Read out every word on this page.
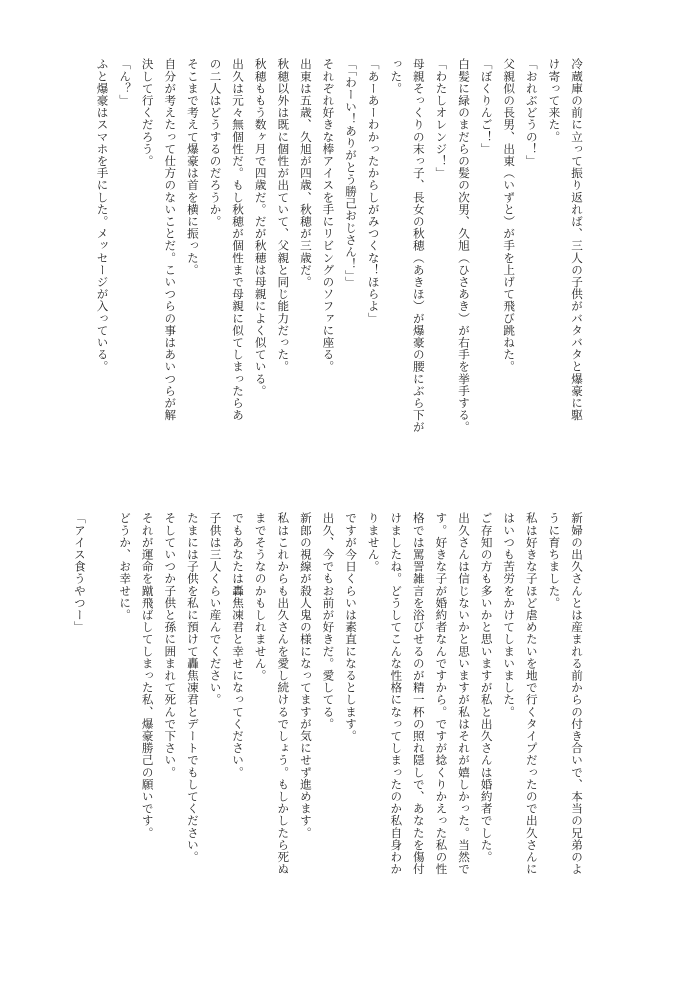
冷蔵庫の前に立って振り返れば、三人の子供がバタバタと爆豪に駆

け寄って来た。

「おれぶどうの！」

父親似の長男、出東（いずと）が手を上げて飛び跳ねた。

「ぼくりんご！」

白髪に緑のまだらの髪の次男、久旭（ひさあき）が右手を挙手する。

「わたしオレンジ！」

母親そっくりの末っ子、長女の秋穂（あきほ）が爆豪の腰にぶら下が

った。

「あーあーわかったからしがみつくな！ほらよ」

「「わーい！ありがとう勝己おじさん！」」

それぞれ好きな棒アイスを手にリビングのソファに座る。

出東は五歳、久旭が四歳、秋穂が三歳だ。

秋穂以外は既に個性が出ていて、父親と同じ能力だった。

秋穂ももう数ヶ月で四歳だ。だが秋穂は母親によく似ている。

出久は元々無個性だ。もし秋穂が個性まで母親に似てしまったらあ

の二人はどうするのだろうか。

そこまで考えて爆豪は首を横に振った。

自分が考えたって仕方のないことだ。こいつらの事はあいつらが解

決して行くだろう。

「ん？」

ふと爆豪はスマホを手にした。メッセージが入っている。

新婦の出久さんとは産まれる前からの付き合いで、本当の兄弟のよ

うに育ちました。

私は好きな子ほど虐めたいを地で行くタイプだったので出久さんに

はいつも苦労をかけてしまいました。

ご存知の方も多いかと思いますが私と出久さんは婚約者でした。

出久さんは信じないかと思いますが私はそれが嬉しかった。当然で

す。好きな子が婚約者なんですから。ですが捻くりかえった私の性

格では罵詈雑言を浴びせるのが精一杯の照れ隠しで、あなたを傷付

けましたね。どうしてこんな性格になってしまったのか私自身わか

りません。

ですが今日くらいは素直になるとします。

出久、今でもお前が好きだ。愛してる。

新郎の視線が殺人鬼の様になってますが気にせず進めます。

私はこれからも出久さんを愛し続けるでしょう。もしかしたら死ぬ

までそうなのかもしれません。

でもあなたは轟焦凍君と幸せになってください。

子供は三人くらい産んでください。

たまには子供を私に預けて轟焦凍君とデートでもしてください。

そしていつか子供と孫に囲まれて死んで下さい。

それが運命を蹴飛ばしてしまった私、爆豪勝己の願いです。

どうか、お幸せに。

「アイス食うやつー」
